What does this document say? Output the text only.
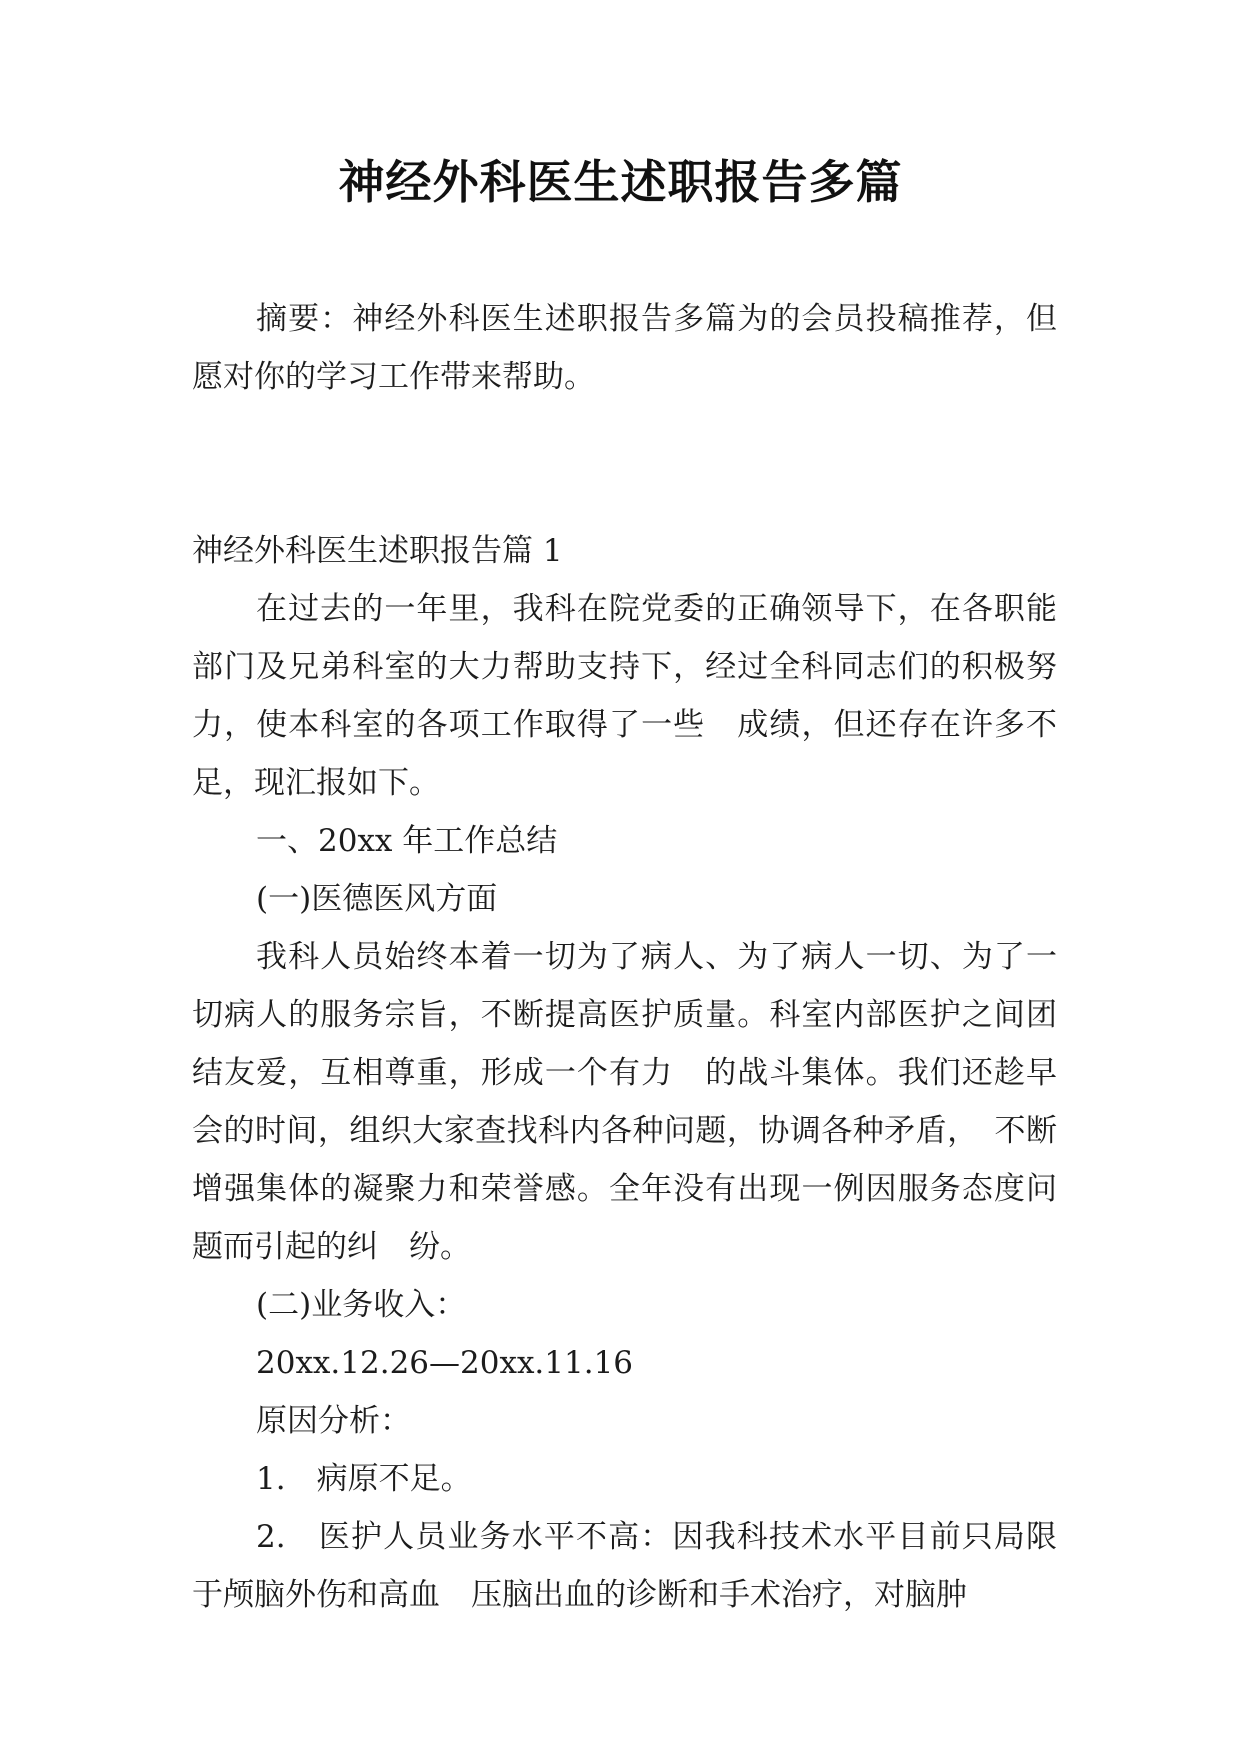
神经外科医生述职报告多篇

摘要：神经外科医生述职报告多篇为的会员投稿推荐，但愿对你的学习工作带来帮助。

神经外科医生述职报告篇 1

在过去的一年里，我科在院党委的正确领导下，在各职能部门及兄弟科室的大力帮助支持下，经过全科同志们的积极努力，使本科室的各项工作取得了一些　成绩，但还存在许多不足，现汇报如下。

一、20xx 年工作总结

(一)医德医风方面

我科人员始终本着一切为了病人、为了病人一切、为了一切病人的服务宗旨，不断提高医护质量。科室内部医护之间团结友爱，互相尊重，形成一个有力　的战斗集体。我们还趁早会的时间，组织大家查找科内各种问题，协调各种矛盾，　不断增强集体的凝聚力和荣誉感。全年没有出现一例因服务态度问题而引起的纠　纷。

(二)业务收入：

20xx.12.26—20xx.11.16

原因分析：

1.　病原不足。

2.　医护人员业务水平不高：因我科技术水平目前只局限于颅脑外伤和高血　压脑出血的诊断和手术治疗，对脑肿
